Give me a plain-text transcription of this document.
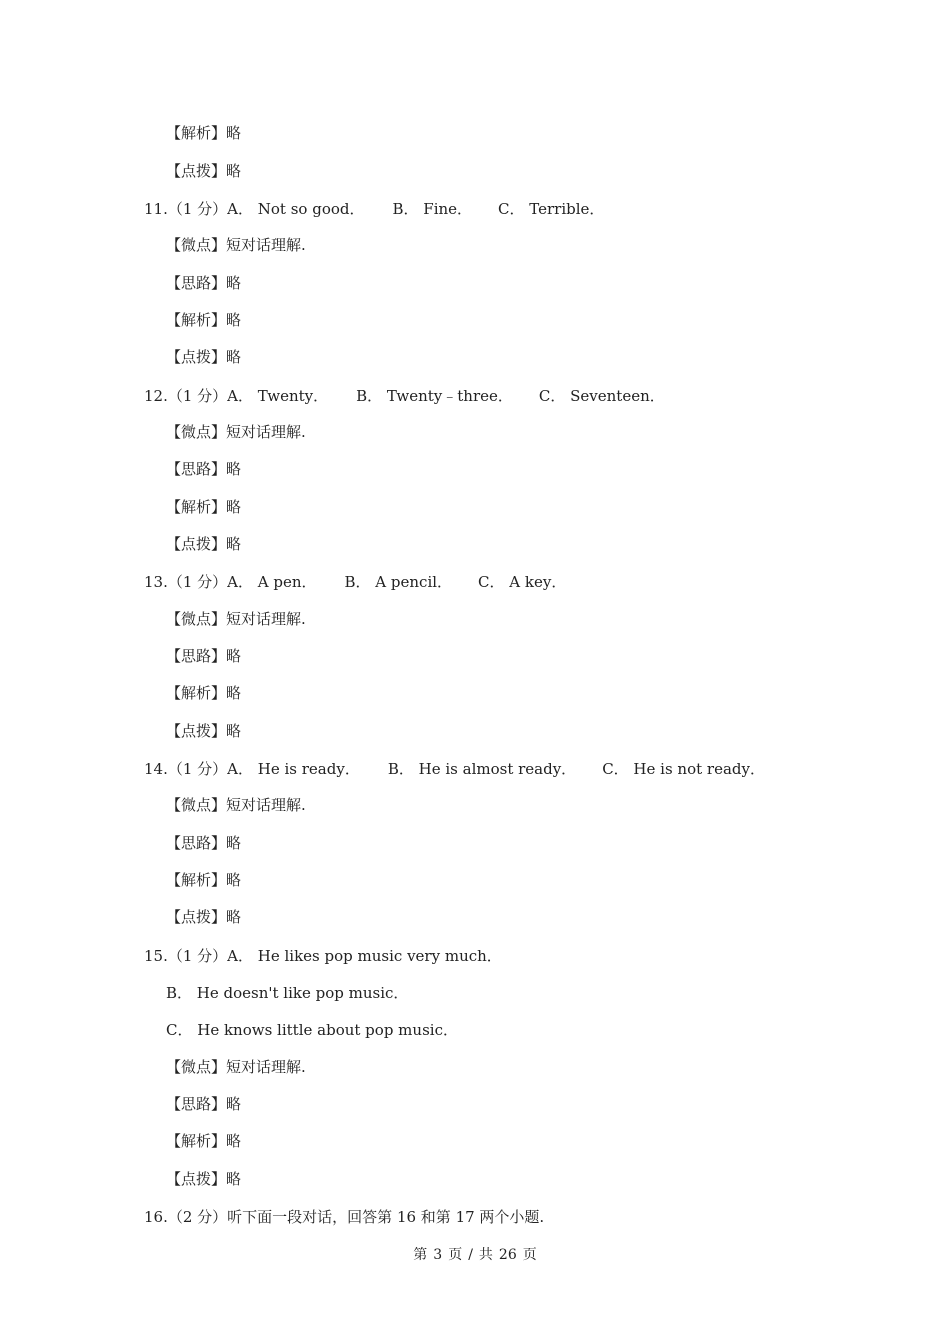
【解析】略
【点拨】略
11.（1 分）A． Not so good． B． Fine． C． Terrible．
【微点】短对话理解.
【思路】略
【解析】略
【点拨】略
12.（1 分）A． Twenty． B． Twenty﹣three． C． Seventeen．
【微点】短对话理解.
【思路】略
【解析】略
【点拨】略
13.（1 分）A． A pen． B． A pencil． C． A key．
【微点】短对话理解.
【思路】略
【解析】略
【点拨】略
14.（1 分）A． He is ready． B． He is almost ready． C． He is not ready．
【微点】短对话理解.
【思路】略
【解析】略
【点拨】略
15.（1 分）A． He likes pop music very much．
B． He doesn't like pop music．
C． He knows little about pop music．
【微点】短对话理解.
【思路】略
【解析】略
【点拨】略
16.（2 分）听下面一段对话，回答第 16 和第 17 两个小题.
第 3 页 / 共 26 页
